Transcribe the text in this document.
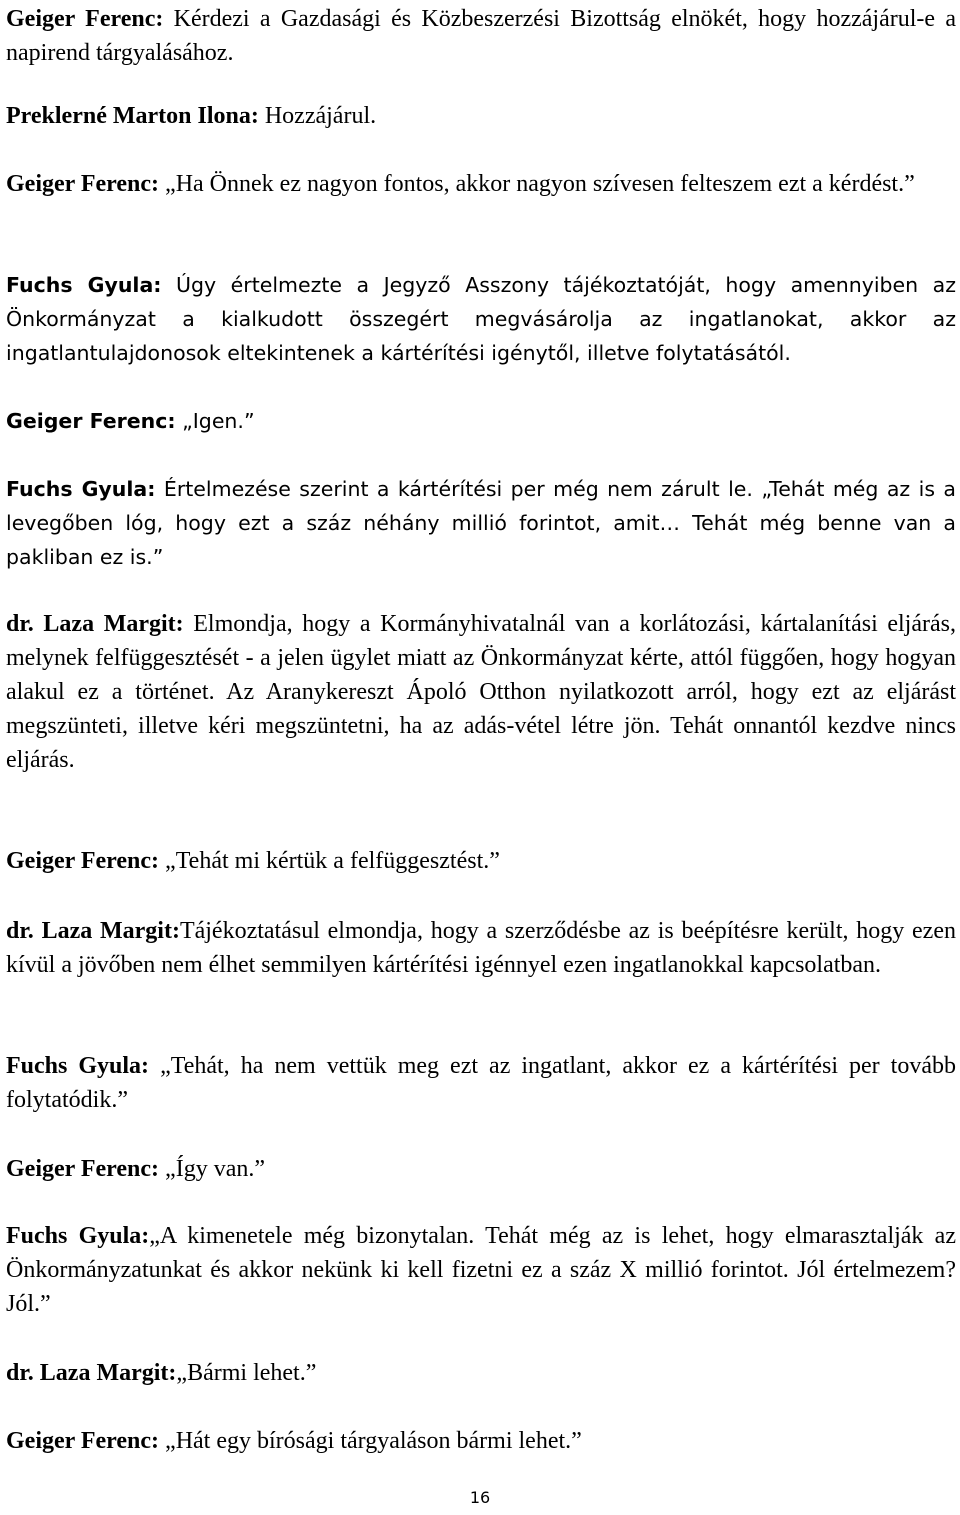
Geiger Ferenc: Kérdezi a Gazdasági és Közbeszerzési Bizottság elnökét, hogy hozzájárul-e a napirend tárgyalásához.

Preklerné Marton Ilona: Hozzájárul.

Geiger Ferenc: „Ha Önnek ez nagyon fontos, akkor nagyon szívesen felteszem ezt a kérdést.”

Fuchs Gyula: Úgy értelmezte a Jegyző Asszony tájékoztatóját, hogy amennyiben az Önkormányzat a kialkudott összegért megvásárolja az ingatlanokat, akkor az ingatlantulajdonosok eltekintenek a kártérítési igénytől, illetve folytatásától.

Geiger Ferenc: „Igen.”

Fuchs Gyula: Értelmezése szerint a kártérítési per még nem zárult le. „Tehát még az is a levegőben lóg, hogy ezt a száz néhány millió forintot, amit… Tehát még benne van a pakliban ez is.”

dr. Laza Margit: Elmondja, hogy a Kormányhivatalnál van a korlátozási, kártalanítási eljárás, melynek felfüggesztését - a jelen ügylet miatt az Önkormányzat kérte, attól függően, hogy hogyan alakul ez a történet. Az Aranykereszt Ápoló Otthon nyilatkozott arról, hogy ezt az eljárást megszünteti, illetve kéri megszüntetni, ha az adás-vétel létre jön. Tehát onnantól kezdve nincs eljárás.

Geiger Ferenc: „Tehát mi kértük a felfüggesztést.”

dr. Laza Margit:Tájékoztatásul elmondja, hogy a szerződésbe az is beépítésre került, hogy ezen kívül a jövőben nem élhet semmilyen kártérítési igénnyel ezen ingatlanokkal kapcsolatban.

Fuchs Gyula: „Tehát, ha nem vettük meg ezt az ingatlant, akkor ez a kártérítési per tovább folytatódik.”

Geiger Ferenc: „Így van.”

Fuchs Gyula:„A kimenetele még bizonytalan. Tehát még az is lehet, hogy elmarasztalják az Önkormányzatunkat és akkor nekünk ki kell fizetni ez a száz X millió forintot. Jól értelmezem? Jól.”

dr. Laza Margit:„Bármi lehet.”

Geiger Ferenc: „Hát egy bírósági tárgyaláson bármi lehet.”

16
